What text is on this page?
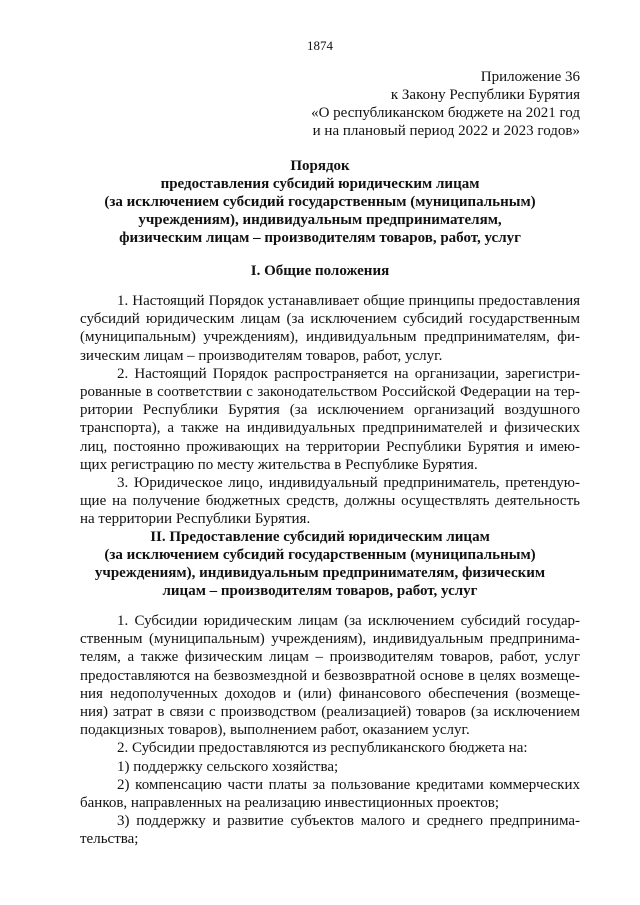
1874
Приложение 36
к Закону Республики Бурятия
«О республиканском бюджете на 2021 год
и на плановый период 2022 и 2023 годов»
Порядок
предоставления субсидий юридическим лицам
(за исключением субсидий государственным (муниципальным)
учреждениям), индивидуальным предпринимателям,
физическим лицам – производителям товаров, работ, услуг
I. Общие положения
1. Настоящий Порядок устанавливает общие принципы предоставления
субсидий юридическим лицам (за исключением субсидий государственным
(муниципальным) учреждениям), индивидуальным предпринимателям, фи-
зическим лицам – производителям товаров, работ, услуг.
2. Настоящий Порядок распространяется на организации, зарегистри-
рованные в соответствии с законодательством Российской Федерации на тер-
ритории Республики Бурятия (за исключением организаций воздушного
транспорта), а также на индивидуальных предпринимателей и физических
лиц, постоянно проживающих на территории Республики Бурятия и имею-
щих регистрацию по месту жительства в Республике Бурятия.
3. Юридическое лицо, индивидуальный предприниматель, претендую-
щие на получение бюджетных средств, должны осуществлять деятельность
на территории Республики Бурятия.
II. Предоставление субсидий юридическим лицам
(за исключением субсидий государственным (муниципальным)
учреждениям), индивидуальным предпринимателям, физическим
лицам – производителям товаров, работ, услуг
1. Субсидии юридическим лицам (за исключением субсидий государ-
ственным (муниципальным) учреждениям), индивидуальным предпринима-
телям, а также физическим лицам – производителям товаров, работ, услуг
предоставляются на безвозмездной и безвозвратной основе в целях возмеще-
ния недополученных доходов и (или) финансового обеспечения (возмеще-
ния) затрат в связи с производством (реализацией) товаров (за исключением
подакцизных товаров), выполнением работ, оказанием услуг.
2. Субсидии предоставляются из республиканского бюджета на:
1) поддержку сельского хозяйства;
2) компенсацию части платы за пользование кредитами коммерческих
банков, направленных на реализацию инвестиционных проектов;
3) поддержку и развитие субъектов малого и среднего предпринима-
тельства;
